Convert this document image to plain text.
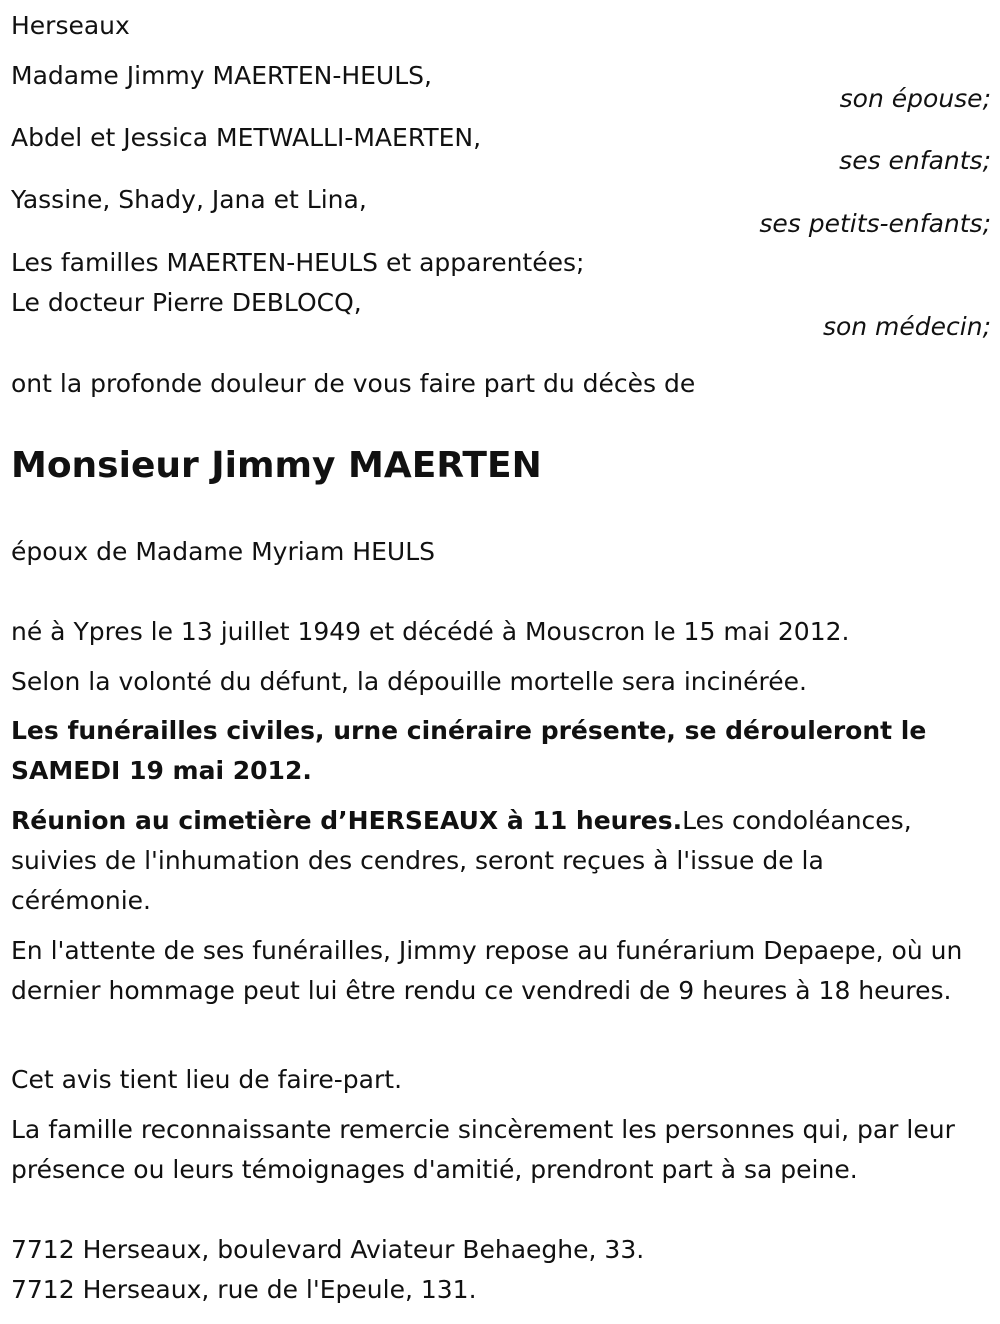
Herseaux
Madame Jimmy MAERTEN-HEULS,
son épouse;
Abdel et Jessica METWALLI-MAERTEN,
ses enfants;
Yassine, Shady, Jana et Lina,
ses petits-enfants;
Les familles MAERTEN-HEULS et apparentées;
Le docteur Pierre DEBLOCQ,
son médecin;
ont la profonde douleur de vous faire part du décès de
Monsieur Jimmy MAERTEN
époux de Madame Myriam HEULS
né à Ypres le 13 juillet 1949 et décédé à Mouscron le 15 mai 2012.
Selon la volonté du défunt, la dépouille mortelle sera incinérée.
Les funérailles civiles, urne cinéraire présente, se dérouleront le SAMEDI 19 mai 2012.
Réunion au cimetière d’HERSEAUX à 11 heures.Les condoléances, suivies de l'inhumation des cendres, seront reçues à l'issue de la cérémonie.
En l'attente de ses funérailles, Jimmy repose au funérarium Depaepe, où un dernier hommage peut lui être rendu ce vendredi de 9 heures à 18 heures.
Cet avis tient lieu de faire-part.
La famille reconnaissante remercie sincèrement les personnes qui, par leur présence ou leurs témoignages d'amitié, prendront part à sa peine.
7712 Herseaux, boulevard Aviateur Behaeghe, 33.
7712 Herseaux, rue de l'Epeule, 131.
